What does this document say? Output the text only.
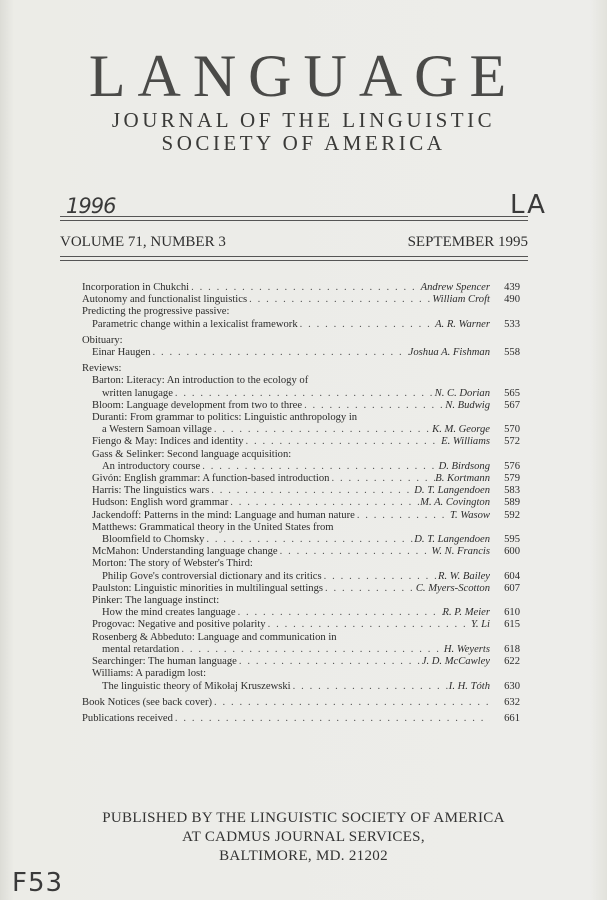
LANGUAGE
JOURNAL OF THE LINGUISTIC
SOCIETY OF AMERICA
1996	LA
VOLUME 71, NUMBER 3	SEPTEMBER 1995
Incorporation in Chukchi . . .	Andrew Spencer	439
Autonomy and functionalist linguistics . . .	William Croft	490
Predicting the progressive passive:
Parametric change within a lexicalist framework . . .	A. R. Warner	533
Obituary:
Einar Haugen . . .	Joshua A. Fishman	558
Reviews:
Barton: Literacy: An introduction to the ecology of
written lanugage . . .	N. C. Dorian	565
Bloom: Language development from two to three . . .	N. Budwig	567
Duranti: From grammar to politics: Linguistic anthropology in
a Western Samoan village . . .	K. M. George	570
Fiengo & May: Indices and identity . . .	E. Williams	572
Gass & Selinker: Second language acquisition:
An introductory course . . .	D. Birdsong	576
Givón: English grammar: A function-based introduction . . .	B. Kortmann	579
Harris: The linguistics wars . . .	D. T. Langendoen	583
Hudson: English word grammar . . .	M. A. Covington	589
Jackendoff: Patterns in the mind: Language and human nature . . .	T. Wasow	592
Matthews: Grammatical theory in the United States from
Bloomfield to Chomsky . . .	D. T. Langendoen	595
McMahon: Understanding language change . . .	W. N. Francis	600
Morton: The story of Webster's Third:
Philip Gove's controversial dictionary and its critics . . .	R. W. Bailey	604
Paulston: Linguistic minorities in multilingual settings . . .	C. Myers-Scotton	607
Pinker: The language instinct:
How the mind creates language . . .	R. P. Meier	610
Progovac: Negative and positive polarity . . .	Y. Li	615
Rosenberg & Abbeduto: Language and communication in
mental retardation . . .	H. Weyerts	618
Searchinger: The human language . . .	J. D. McCawley	622
Williams: A paradigm lost:
The linguistic theory of Mikołaj Kruszewski . . .	I. H. Tóth	630
Book Notices (see back cover) . . .	632
Publications received . . .	661
PUBLISHED BY THE LINGUISTIC SOCIETY OF AMERICA
AT CADMUS JOURNAL SERVICES,
BALTIMORE, MD. 21202
F53
